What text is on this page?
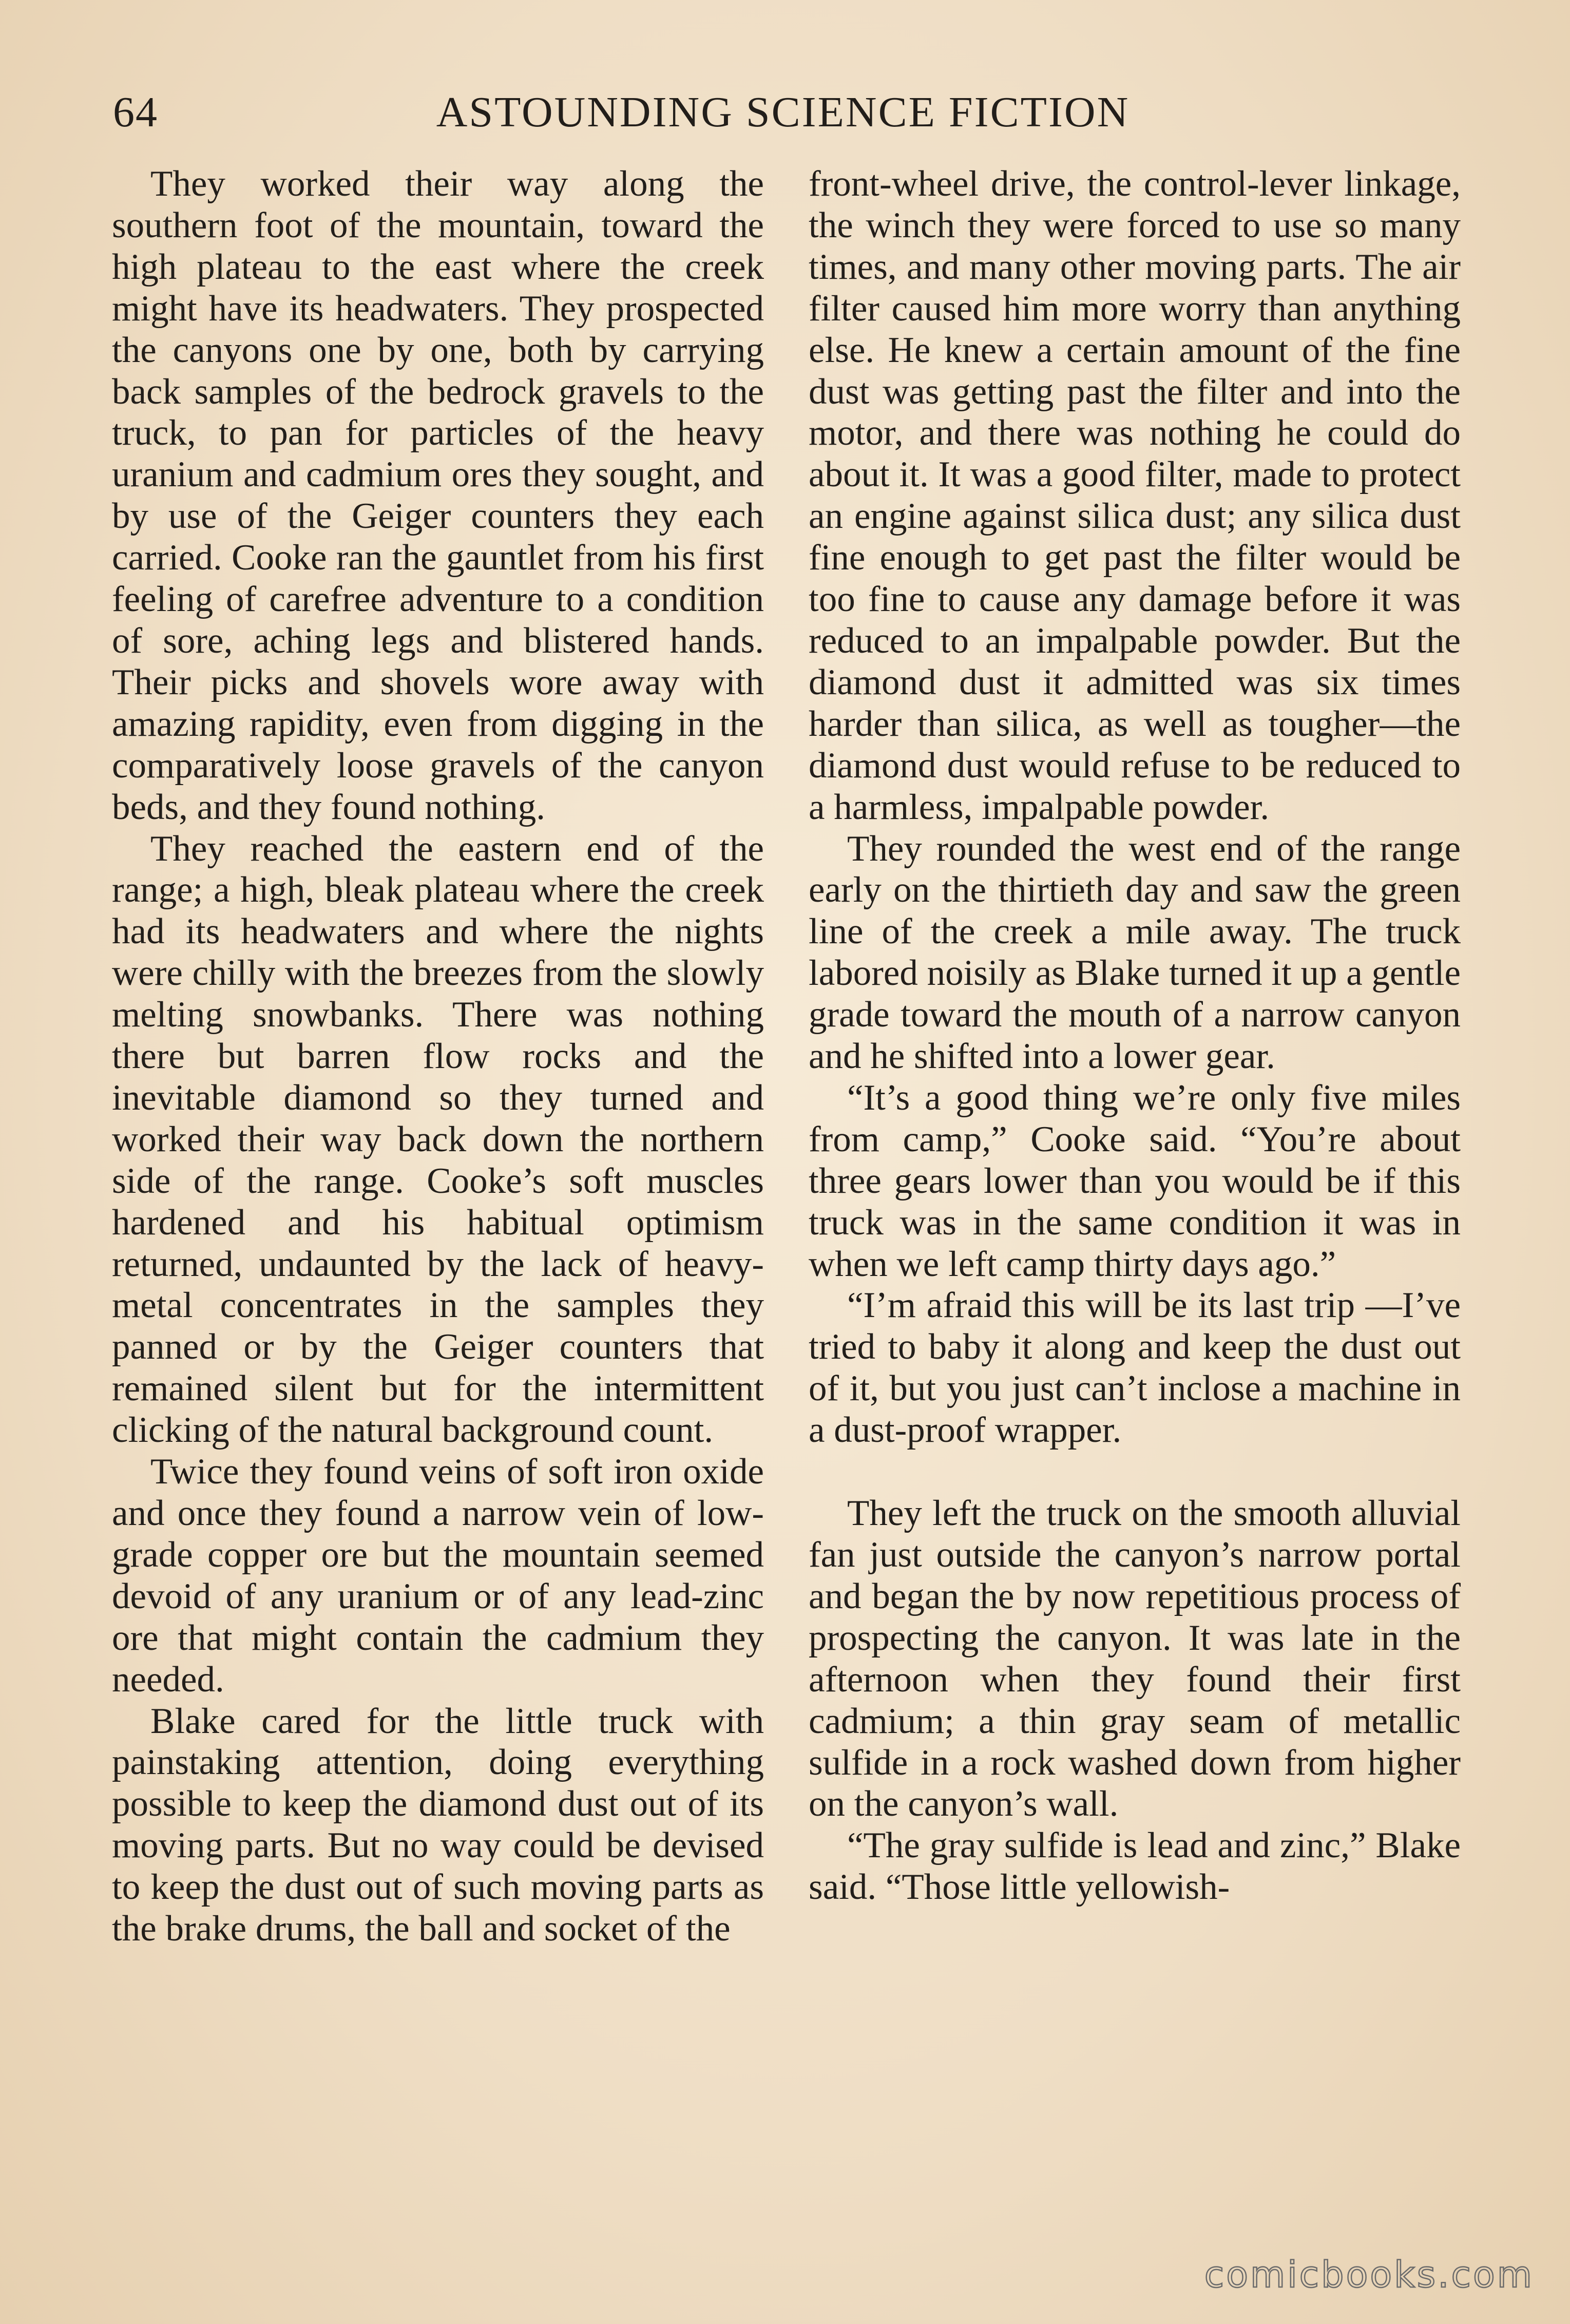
64	ASTOUNDING SCIENCE FICTION

They worked their way along the southern foot of the mountain, toward the high plateau to the east where the creek might have its headwaters. They prospected the canyons one by one, both by carrying back samples of the bedrock gravels to the truck, to pan for particles of the heavy uranium and cadmium ores they sought, and by use of the Geiger counters they each carried. Cooke ran the gauntlet from his first feeling of carefree adventure to a condition of sore, aching legs and blistered hands. Their picks and shovels wore away with amazing rapidity, even from digging in the comparatively loose gravels of the canyon beds, and they found nothing.

They reached the eastern end of the range; a high, bleak plateau where the creek had its headwaters and where the nights were chilly with the breezes from the slowly melting snowbanks. There was nothing there but barren flow rocks and the inevitable diamond so they turned and worked their way back down the northern side of the range. Cooke’s soft muscles hardened and his habitual optimism returned, undaunted by the lack of heavy-metal concentrates in the samples they panned or by the Geiger counters that remained silent but for the intermittent clicking of the natural background count.

Twice they found veins of soft iron oxide and once they found a narrow vein of low-grade copper ore but the mountain seemed devoid of any uranium or of any lead-zinc ore that might contain the cadmium they needed.

Blake cared for the little truck with painstaking attention, doing everything possible to keep the diamond dust out of its moving parts. But no way could be devised to keep the dust out of such moving parts as the brake drums, the ball and socket of the

front-wheel drive, the control-lever linkage, the winch they were forced to use so many times, and many other moving parts. The air filter caused him more worry than anything else. He knew a certain amount of the fine dust was getting past the filter and into the motor, and there was nothing he could do about it. It was a good filter, made to protect an engine against silica dust; any silica dust fine enough to get past the filter would be too fine to cause any damage before it was reduced to an impalpable powder. But the diamond dust it admitted was six times harder than silica, as well as tougher—the diamond dust would refuse to be reduced to a harmless, impalpable powder.

They rounded the west end of the range early on the thirtieth day and saw the green line of the creek a mile away. The truck labored noisily as Blake turned it up a gentle grade toward the mouth of a narrow canyon and he shifted into a lower gear.

“It’s a good thing we’re only five miles from camp,” Cooke said. “You’re about three gears lower than you would be if this truck was in the same condition it was in when we left camp thirty days ago.”

“I’m afraid this will be its last trip —I’ve tried to baby it along and keep the dust out of it, but you just can’t inclose a machine in a dust-proof wrapper.

They left the truck on the smooth alluvial fan just outside the canyon’s narrow portal and began the by now repetitious process of prospecting the canyon. It was late in the afternoon when they found their first cadmium; a thin gray seam of metallic sulfide in a rock washed down from higher on the canyon’s wall.

“The gray sulfide is lead and zinc,” Blake said. “Those little yellowish-

comicbooks.com
